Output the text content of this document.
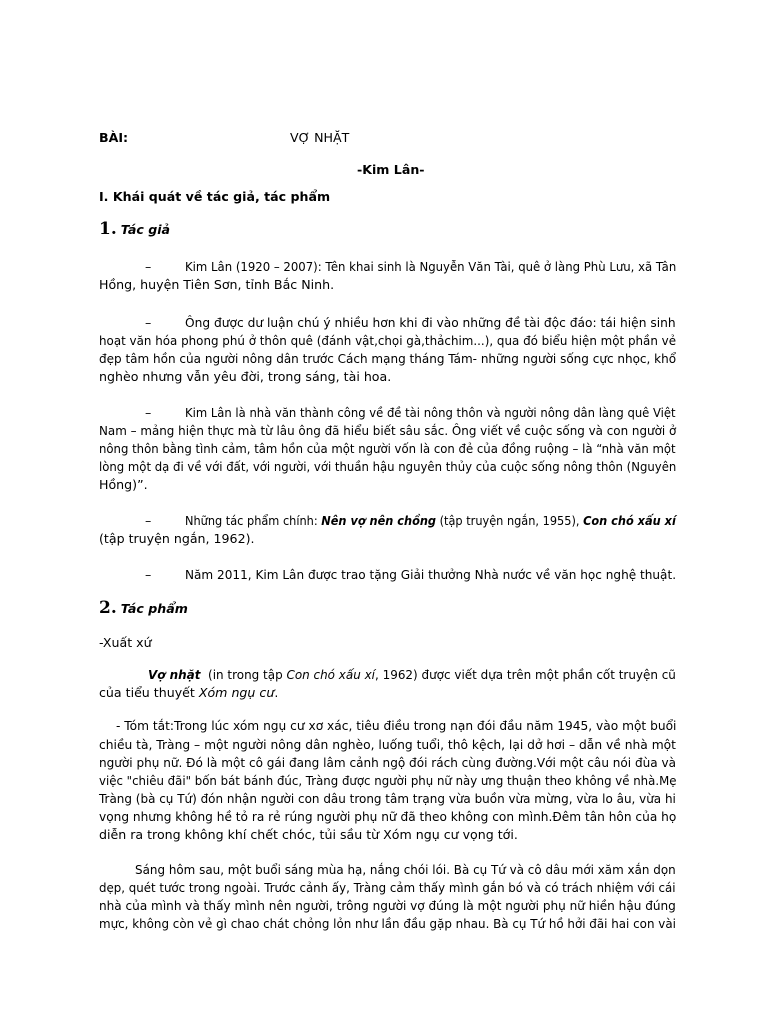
BÀI:	VỢ NHẶT
-Kim Lân-
I. Khái quát về tác giả, tác phẩm
1. Tác giả
–	Kim Lân (1920 – 2007): Tên khai sinh là Nguyễn Văn Tài, quê ở làng Phù Lưu, xã Tân
Hồng, huyện Tiên Sơn, tỉnh Bắc Ninh.
–	Ông được dư luận chú ý nhiều hơn khi đi vào những đề tài độc đáo: tái hiện sinh
hoạt văn hóa phong phú ở thôn quê (đánh vật,chọi gà,thảchim...), qua đó biểu hiện một phần vẻ
đẹp tâm hồn của người nông dân trước Cách mạng tháng Tám- những người sống cực nhọc, khổ
nghèo nhưng vẫn yêu đời, trong sáng, tài hoa.
–	Kim Lân là nhà văn thành công về đề tài nông thôn và người nông dân làng quê Việt
Nam – mảng hiện thực mà từ lâu ông đã hiểu biết sâu sắc. Ông viết về cuộc sống và con người ở
nông thôn bằng tình cảm, tâm hồn của một người vốn là con đẻ của đồng ruộng – là “nhà văn một
lòng một dạ đi về với đất, với người, với thuần hậu nguyên thủy của cuộc sống nông thôn (Nguyên
Hồng)”.
–	Những tác phẩm chính: Nên vợ nên chồng (tập truyện ngắn, 1955), Con chó xấu xí
(tập truyện ngắn, 1962).
–	Năm 2011, Kim Lân được trao tặng Giải thưởng Nhà nước về văn học nghệ thuật.
2. Tác phẩm
-Xuất xứ
Vợ nhặt  (in trong tập Con chó xấu xí, 1962) được viết dựa trên một phần cốt truyện cũ
của tiểu thuyết Xóm ngụ cư.
- Tóm tắt:Trong lúc xóm ngụ cư xơ xác, tiêu điều trong nạn đói đầu năm 1945, vào một buổi
chiều tà, Tràng – một người nông dân nghèo, luống tuổi, thô kệch, lại dở hơi – dẫn về nhà một
người phụ nữ. Đó là một cô gái đang lâm cảnh ngộ đói rách cùng đường.Với một câu nói đùa và
việc "chiêu đãi" bốn bát bánh đúc, Tràng được người phụ nữ này ưng thuận theo không về nhà.Mẹ
Tràng (bà cụ Tứ) đón nhận người con dâu trong tâm trạng vừa buồn vừa mừng, vừa lo âu, vừa hi
vọng nhưng không hề tỏ ra rẻ rúng người phụ nữ đã theo không con mình.Đêm tân hôn của họ
diễn ra trong không khí chết chóc, tủi sầu từ Xóm ngụ cư vọng tới.
Sáng hôm sau, một buổi sáng mùa hạ, nắng chói lói. Bà cụ Tứ và cô dâu mới xăm xắn dọn
dẹp, quét tước trong ngoài. Trước cảnh ấy, Tràng cảm thấy mình gắn bó và có trách nhiệm với cái
nhà của mình và thấy mình nên người, trông người vợ đúng là một người phụ nữ hiền hậu đúng
mực, không còn vẻ gì chao chát chỏng lỏn như lần đầu gặp nhau. Bà cụ Tứ hồ hởi đãi hai con vài
